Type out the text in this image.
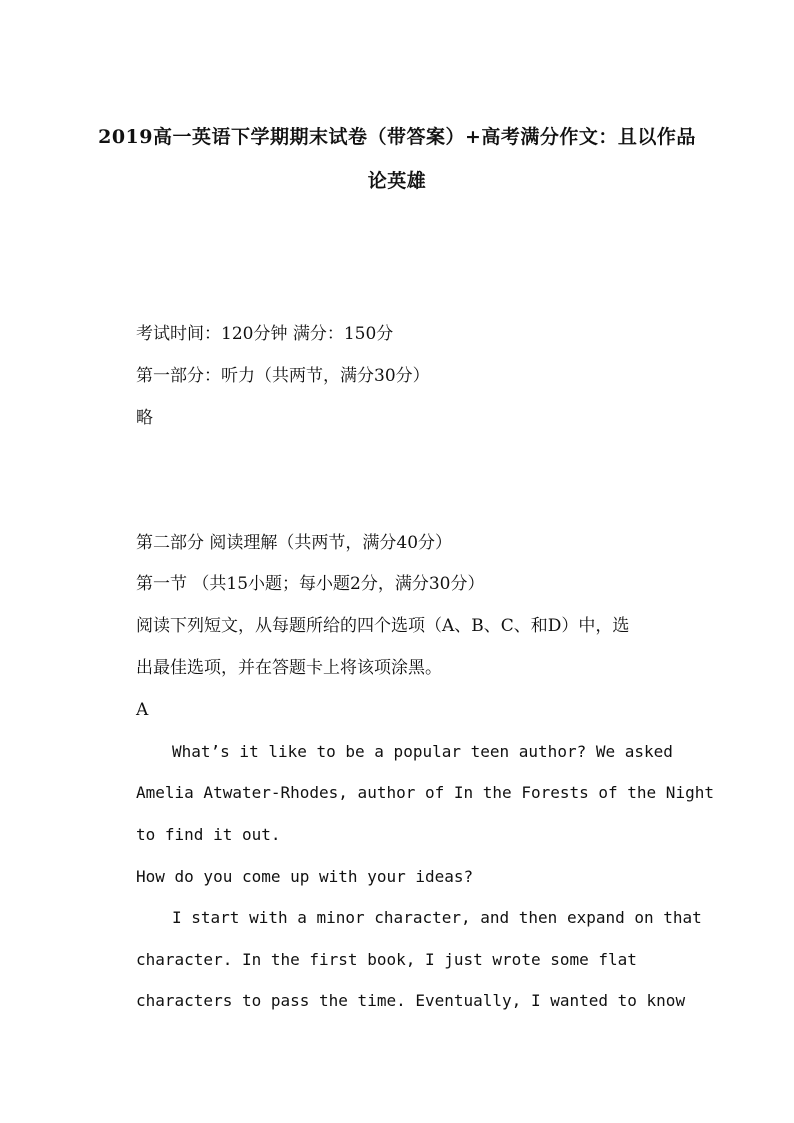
2019高一英语下学期期末试卷（带答案）+高考满分作文：且以作品
论英雄
考试时间：120分钟 满分：150分
第一部分：听力（共两节，满分30分）
略
第二部分 阅读理解（共两节，满分40分）
第一节 （共15小题；每小题2分，满分30分）
阅读下列短文，从每题所给的四个选项（A、B、C、和D）中，选
出最佳选项，并在答题卡上将该项涂黑。
A
What’s it like to be a popular teen author? We asked
Amelia Atwater-Rhodes, author of In the Forests of the Night
to find it out.
How do you come up with your ideas?
I start with a minor character, and then expand on that
character. In the first book, I just wrote some flat
characters to pass the time. Eventually, I wanted to know
